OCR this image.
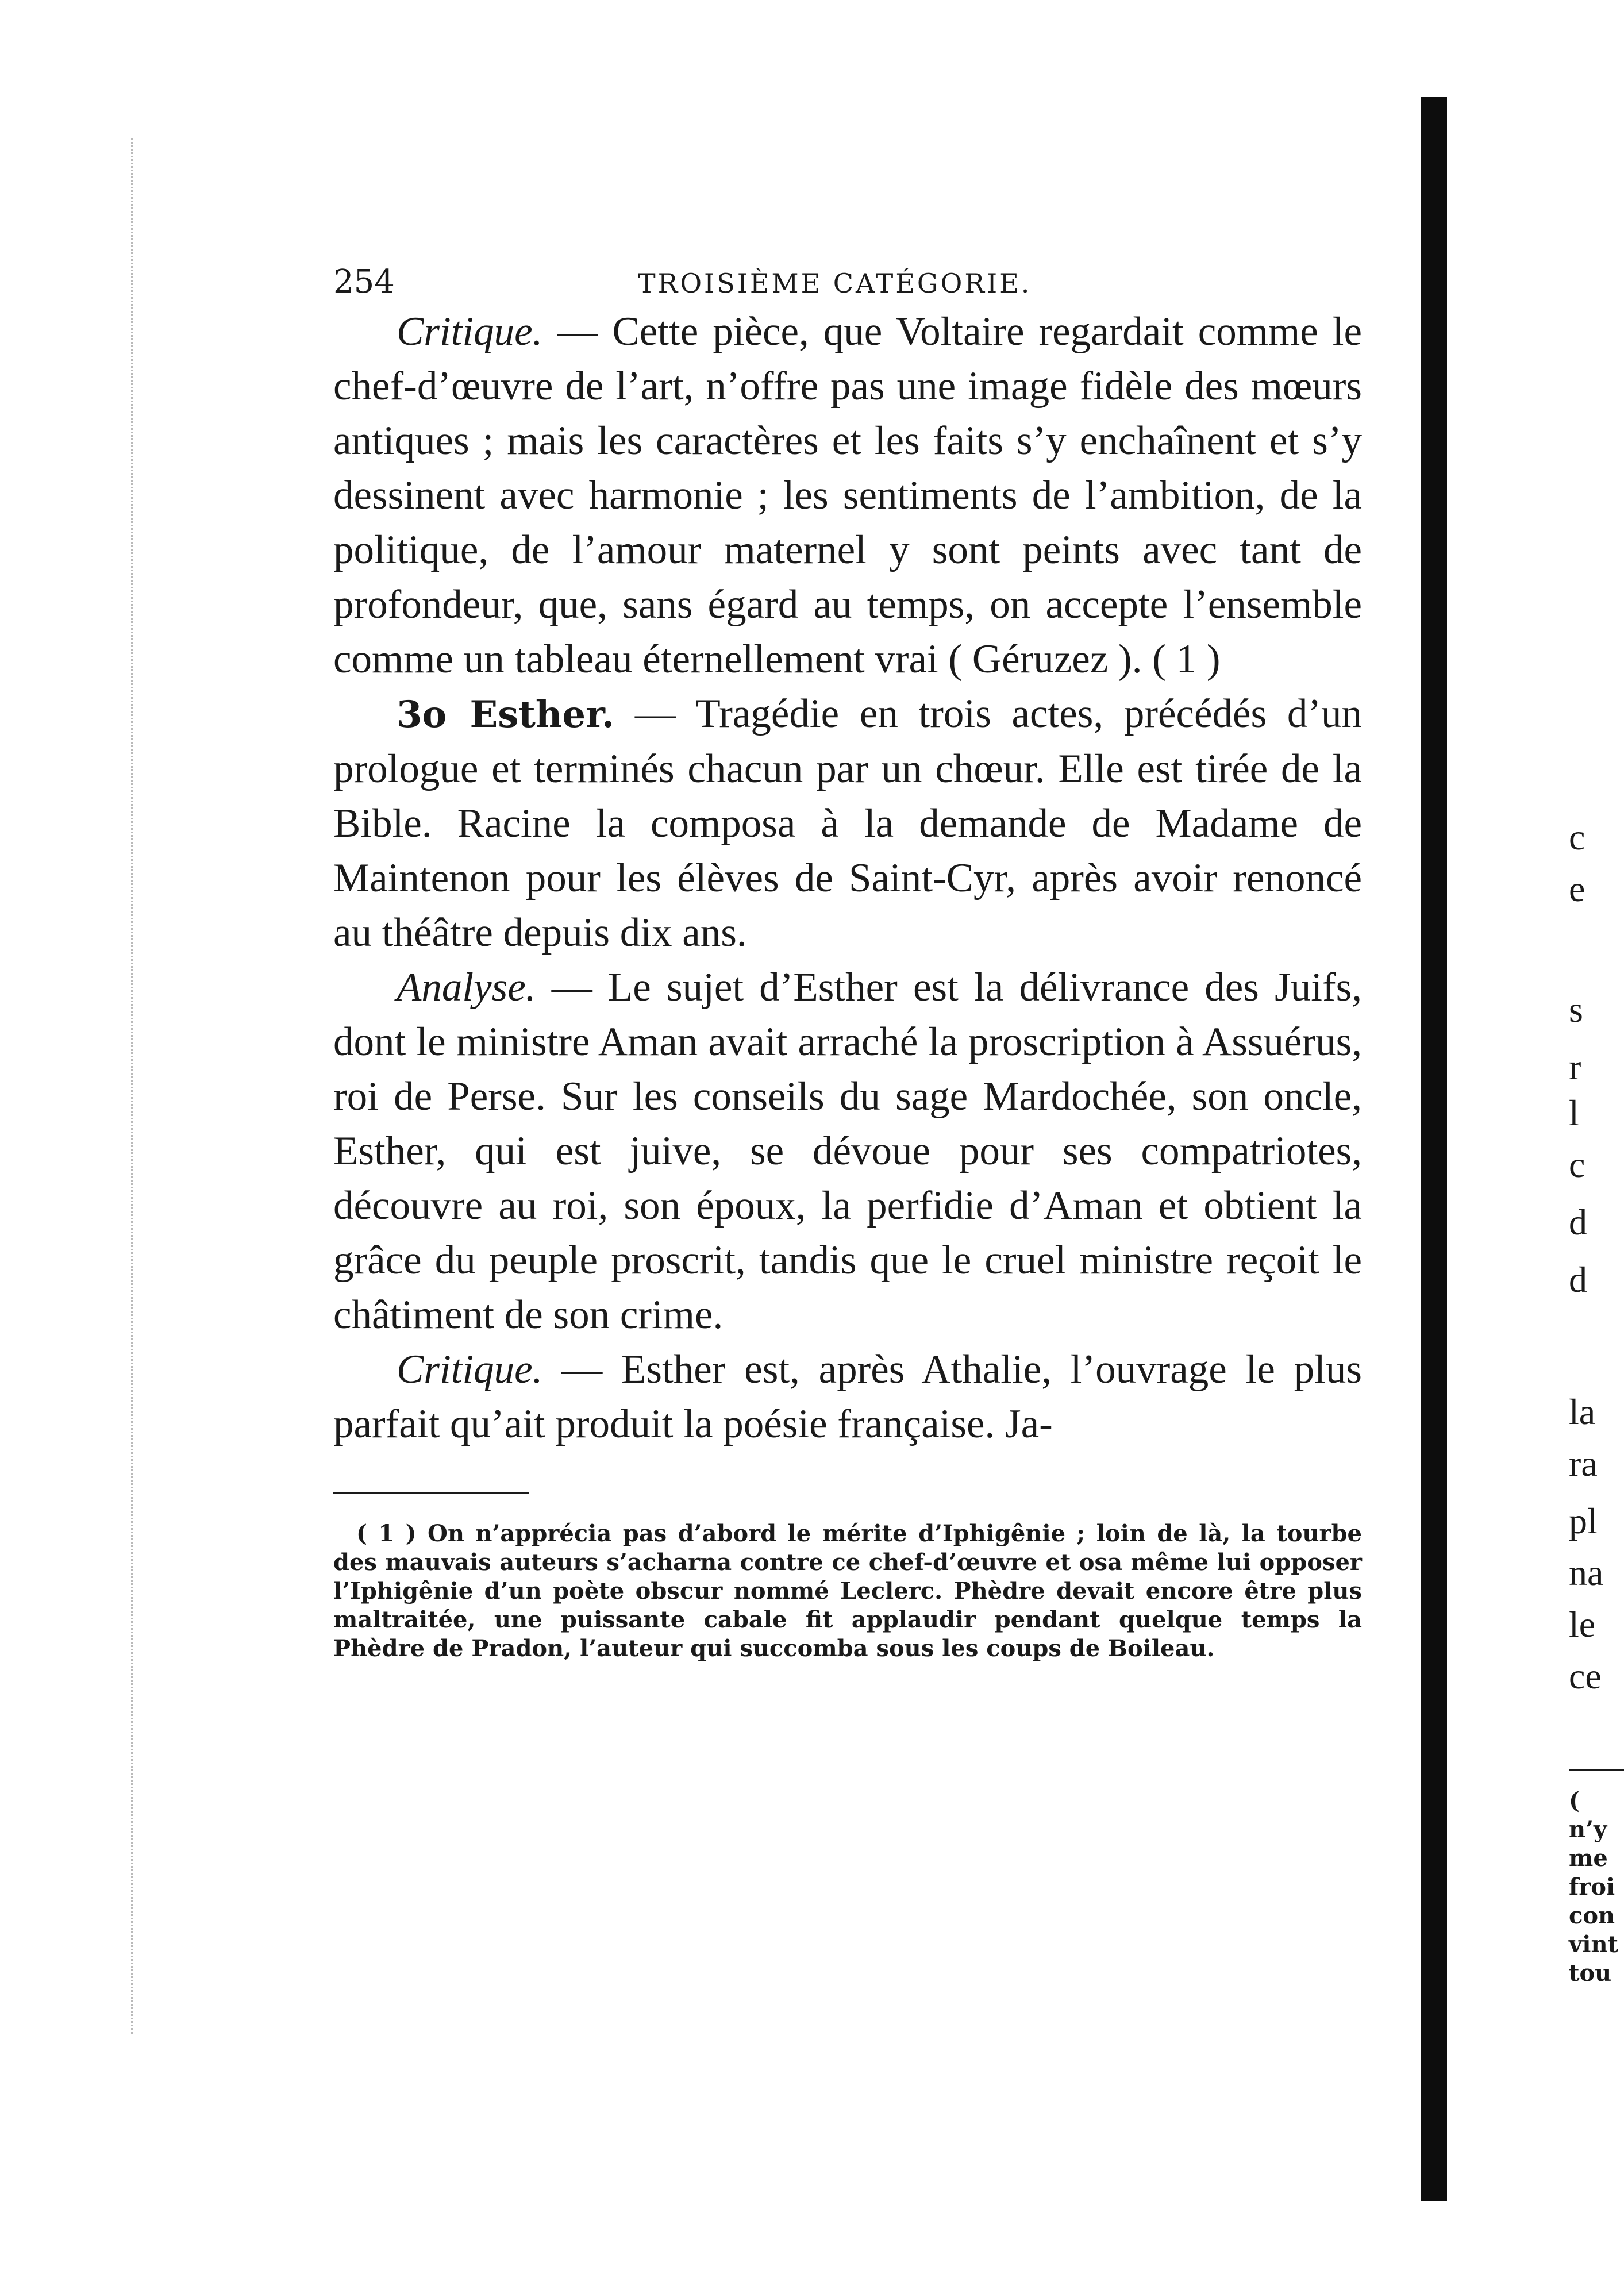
254	TROISIÈME CATÉGORIE.

Critique. — Cette pièce, que Voltaire regardait comme le chef-d’œuvre de l’art, n’offre pas une image fidèle des mœurs antiques ; mais les caractères et les faits s’y enchaînent et s’y dessinent avec harmonie ; les sentiments de l’ambition, de la politique, de l’amour maternel y sont peints avec tant de profondeur, que, sans égard au temps, on accepte l’ensemble comme un tableau éternellement vrai ( Géruzez ). ( 1 )

3o Esther. — Tragédie en trois actes, précédés d’un prologue et terminés chacun par un chœur. Elle est tirée de la Bible. Racine la composa à la demande de Madame de Maintenon pour les élèves de Saint-Cyr, après avoir renoncé au théâtre depuis dix ans.

Analyse. — Le sujet d’Esther est la délivrance des Juifs, dont le ministre Aman avait arraché la proscription à Assuérus, roi de Perse. Sur les conseils du sage Mardochée, son oncle, Esther, qui est juive, se dévoue pour ses compatriotes, découvre au roi, son époux, la perfidie d’Aman et obtient la grâce du peuple proscrit, tandis que le cruel ministre reçoit le châtiment de son crime.

Critique. — Esther est, après Athalie, l’ouvrage le plus parfait qu’ait produit la poésie française. Ja-

( 1 ) On n’apprécia pas d’abord le mérite d’Iphigênie ; loin de là, la tourbe des mauvais auteurs s’acharna contre ce chef-d’œuvre et osa même lui opposer l’Iphigênie d’un poète obscur nommé Leclerc. Phèdre devait encore être plus maltraitée, une puissante cabale fit applaudir pendant quelque temps la Phèdre de Pradon, l’auteur qui succomba sous les coups de Boileau.

c
e
s
r
l
c
d
d
la
ra
pl
na
le
ce
(
n’y
me
froi
con
vint
tou
